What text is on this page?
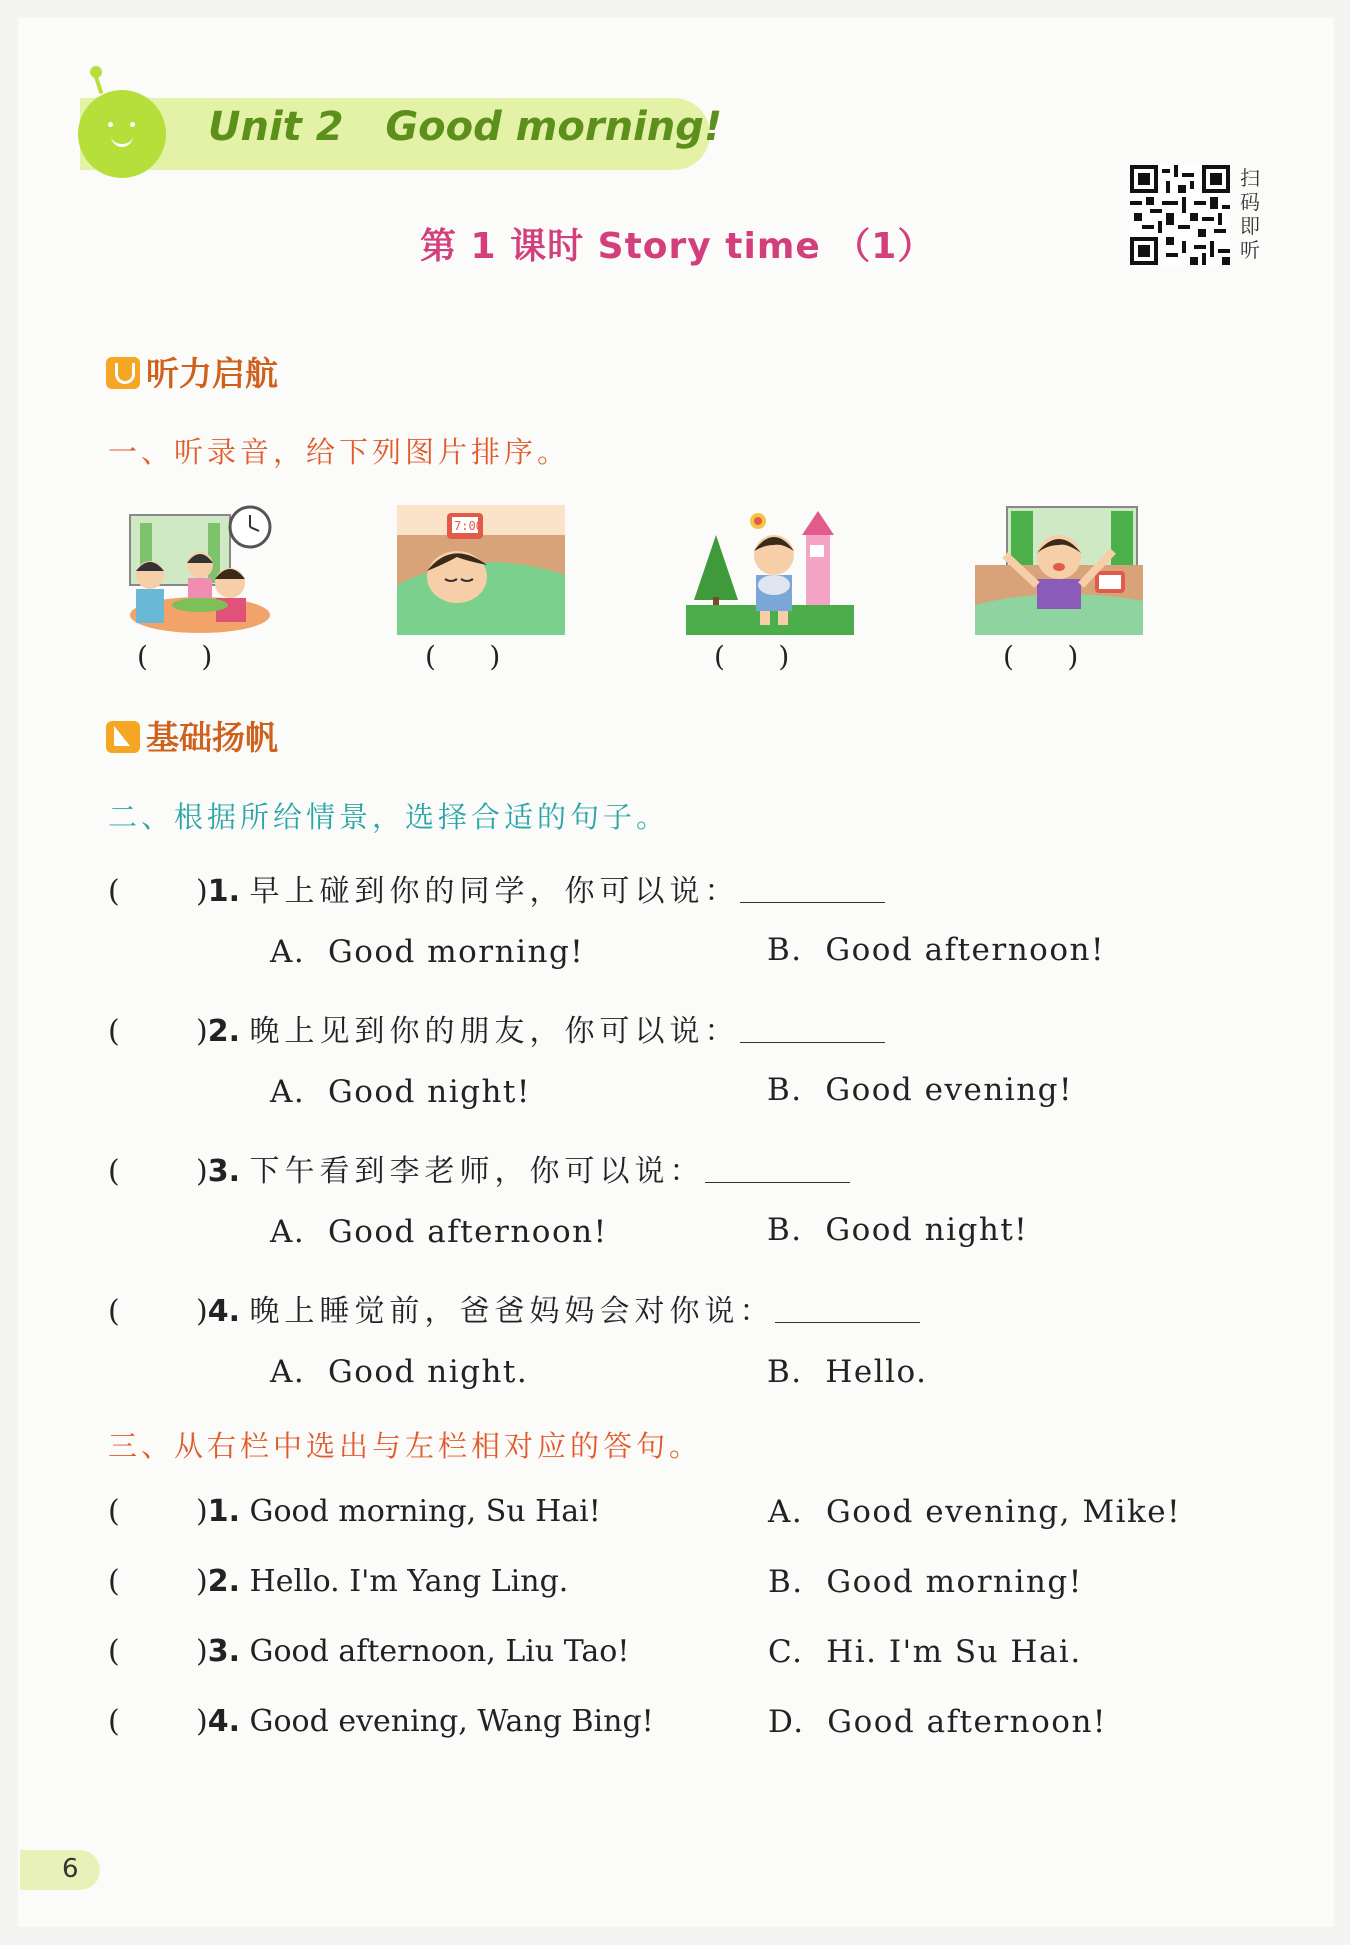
Unit 2   Good morning!
第 1 课时 Story time （1）
扫码即听
听力启航
一、听录音，给下列图片排序。
7:00
(      )	(      )	(      )	(      )
基础扬帆
二、根据所给情景，选择合适的句子。
(        )1. 早上碰到你的同学，你可以说：
A.  Good morning!	B.  Good afternoon!
(        )2. 晚上见到你的朋友，你可以说：
A.  Good night!	B.  Good evening!
(        )3. 下午看到李老师，你可以说：
A.  Good afternoon!	B.  Good night!
(        )4. 晚上睡觉前，爸爸妈妈会对你说：
A.  Good night.	B.  Hello.
三、从右栏中选出与左栏相对应的答句。
(        )1. Good morning, Su Hai!	A.  Good evening, Mike!
(        )2. Hello. I'm Yang Ling.	B.  Good morning!
(        )3. Good afternoon, Liu Tao!	C.  Hi. I'm Su Hai.
(        )4. Good evening, Wang Bing!	D.  Good afternoon!
6
